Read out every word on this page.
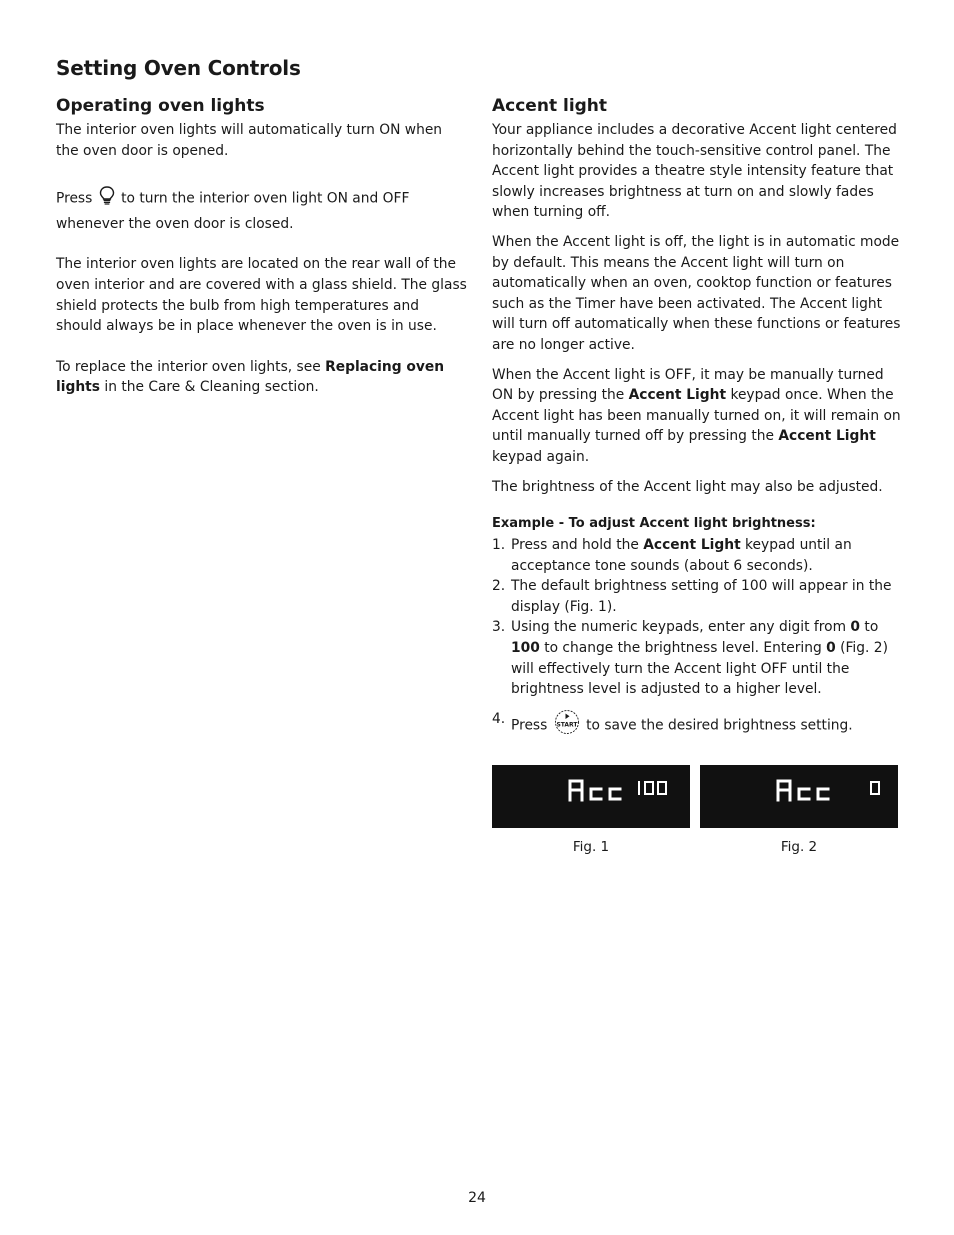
Setting Oven Controls
Operating oven lights

The interior oven lights will automatically turn ON when the oven door is opened.

Press  to turn the interior oven light ON and OFF

whenever the oven door is closed.

The interior oven lights are located on the rear wall of the oven interior and are covered with a glass shield. The glass shield protects the bulb from high temperatures and should always be in place whenever the oven is in use.

To replace the interior oven lights, see Replacing oven lights in the Care & Cleaning section.

Accent light

Your appliance includes a decorative Accent light centered horizontally behind the touch-sensitive control panel. The Accent light provides a theatre style intensity feature that slowly increases brightness at turn on and slowly fades when turning off.

When the Accent light is off, the light is in automatic mode by default. This means the Accent light will turn on automatically when an oven, cooktop function or features such as the Timer have been activated. The Accent light will turn off automatically when these functions or features are no longer active.

When the Accent light is OFF, it may be manually turned ON by pressing the Accent Light keypad once. When the Accent light has been manually turned on, it will remain on until manually turned off by pressing the Accent Light keypad again.

The brightness of the Accent light may also be adjusted.

Example - To adjust Accent light brightness:
1. Press and hold the Accent Light keypad until an acceptance tone sounds (about 6 seconds).
2. The default brightness setting of 100 will appear in the display (Fig. 1).
3. Using the numeric keypads, enter any digit from 0 to 100 to change the brightness level. Entering 0 (Fig. 2) will effectively turn the Accent light OFF until the brightness level is adjusted to a higher level.
4. Press START to save the desired brightness setting.
Fig. 1	Fig. 2
24
